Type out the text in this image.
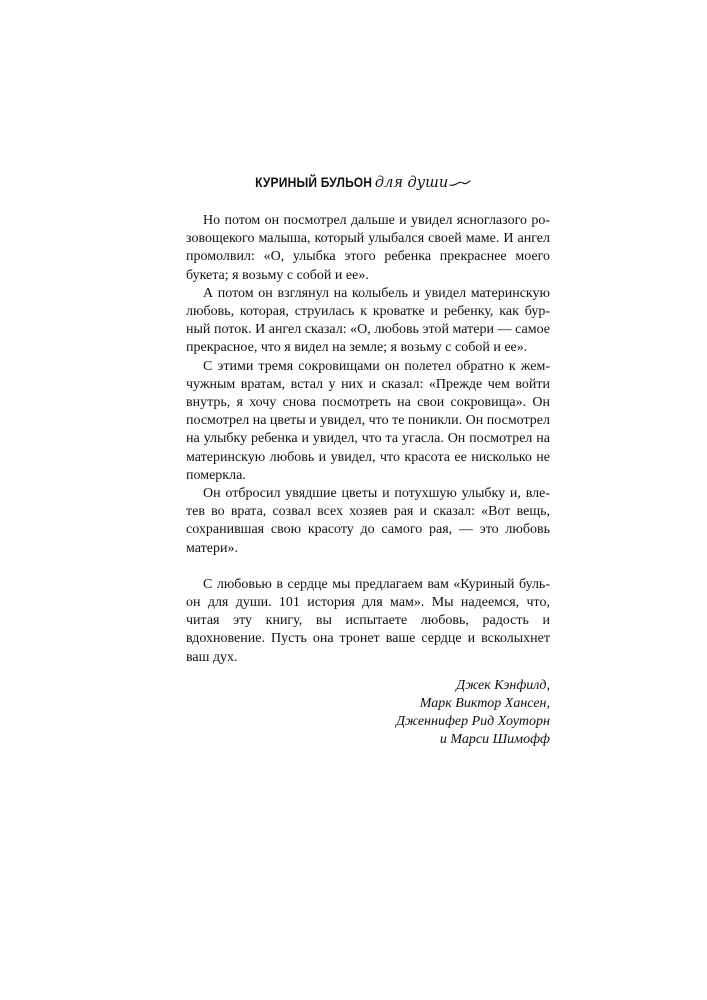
КУРИНЫЙ БУЛЬОН для души

Но потом он посмотрел дальше и увидел ясноглазого розовощекого малыша, который улыбался своей маме. И ангел промолвил: «О, улыбка этого ребенка прекраснее моего букета; я возьму с собой и ее».

А потом он взглянул на колыбель и увидел материнскую любовь, которая, струилась к кроватке и ребенку, как бурный поток. И ангел сказал: «О, любовь этой матери — самое прекрасное, что я видел на земле; я возьму с собой и ее».

С этими тремя сокровищами он полетел обратно к жемчужным вратам, встал у них и сказал: «Прежде чем войти внутрь, я хочу снова посмотреть на свои сокровища». Он посмотрел на цветы и увидел, что те поникли. Он посмотрел на улыбку ребенка и увидел, что та угасла. Он посмотрел на материнскую любовь и увидел, что красота ее нисколько не померкла.

Он отбросил увядшие цветы и потухшую улыбку и, влетев во врата, созвал всех хозяев рая и сказал: «Вот вещь, сохранившая свою красоту до самого рая, — это любовь матери».

С любовью в сердце мы предлагаем вам «Куриный бульон для души. 101 история для мам». Мы надеемся, что, читая эту книгу, вы испытаете любовь, радость и вдохновение. Пусть она тронет ваше сердце и всколыхнет ваш дух.

Джек Кэнфилд,
Марк Виктор Хансен,
Дженнифер Рид Хоуторн
и Марси Шимофф
